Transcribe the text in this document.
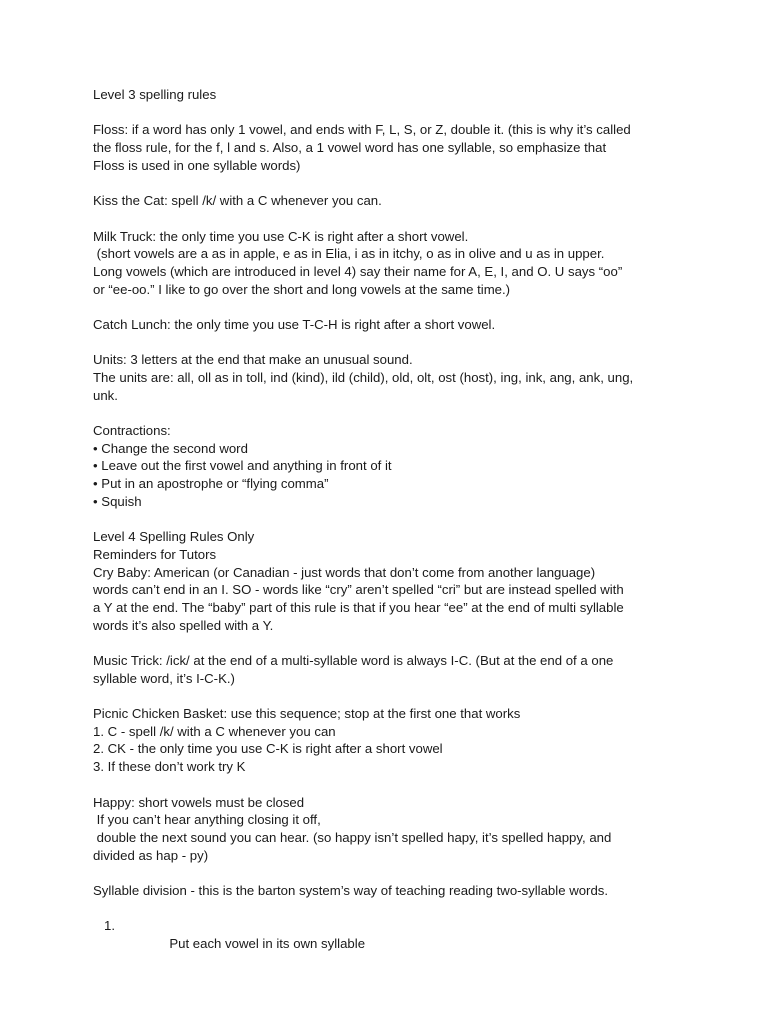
Level 3 spelling rules
Floss: if a word has only 1 vowel, and ends with F, L, S, or Z, double it. (this is why it’s called
the floss rule, for the f, l and s. Also, a 1 vowel word has one syllable, so emphasize that
Floss is used in one syllable words)
Kiss the Cat: spell /k/ with a C whenever you can.
Milk Truck: the only time you use C-K is right after a short vowel.
(short vowels are a as in apple, e as in Elia, i as in itchy, o as in olive and u as in upper.
Long vowels (which are introduced in level 4) say their name for A, E, I, and O. U says “oo”
or “ee-oo.” I like to go over the short and long vowels at the same time.)
Catch Lunch: the only time you use T-C-H is right after a short vowel.
Units: 3 letters at the end that make an unusual sound.
The units are: all, oll as in toll, ind (kind), ild (child), old, olt, ost (host), ing, ink, ang, ank, ung,
unk.
Contractions:
• Change the second word
• Leave out the first vowel and anything in front of it
• Put in an apostrophe or “flying comma”
• Squish
Level 4 Spelling Rules Only
Reminders for Tutors
Cry Baby: American (or Canadian - just words that don’t come from another language)
words can’t end in an I. SO - words like “cry” aren’t spelled “cri” but are instead spelled with
a Y at the end. The “baby” part of this rule is that if you hear “ee” at the end of multi syllable
words it’s also spelled with a Y.
Music Trick: /ick/ at the end of a multi-syllable word is always I-C. (But at the end of a one
syllable word, it’s I-C-K.)
Picnic Chicken Basket: use this sequence; stop at the first one that works
1. C - spell /k/ with a C whenever you can
2. CK - the only time you use C-K is right after a short vowel
3. If these don’t work try K
Happy: short vowels must be closed
If you can’t hear anything closing it off,
double the next sound you can hear. (so happy isn’t spelled hapy, it’s spelled happy, and
divided as hap - py)
Syllable division - this is the barton system’s way of teaching reading two-syllable words.

1.

Put each vowel in its own syllable
